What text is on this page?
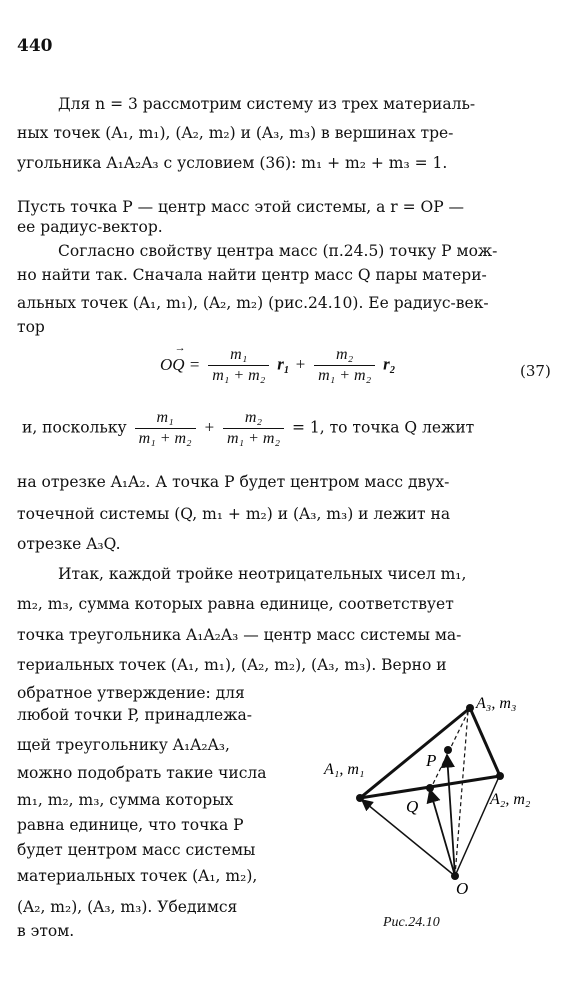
440
Для n = 3 рассмотрим систему из трех материаль-
ных точек (A₁, m₁), (A₂, m₂) и (A₃, m₃) в вершинах тре-
угольника A₁A₂A₃ с условием (36): m₁ + m₂ + m₃ = 1.
Пусть точка P — центр масс этой системы, а r = OP —
ее радиус-вектор.
Согласно свойству центра масс (п.24.5) точку P мож-
но найти так. Сначала найти центр масс Q пары матери-
альных точек (A₁, m₁), (A₂, m₂) (рис.24.10). Ее радиус-век-
тор
→ OQ = $\frac{\text{m₁}}{\text{m₁ + m₂}} r_1 + \frac{\text{m₂}}{\text{m₁ + m₂}} r_2$	(37)
и, поскольку $\frac{\text{m₁}}{\text{m₁ + m₂}} + \frac{\text{m₂}}{\text{m₁ + m₂}} = 1$, то точка Q лежит
на отрезке A₁A₂. А точка P будет центром масс двух-
точечной системы (Q, m₁ + m₂) и (A₃, m₃) и лежит на
отрезке A₃Q.
Итак, каждой тройке неотрицательных чисел m₁,
m₂, m₃, сумма которых равна единице, соответствует
точка треугольника A₁A₂A₃ — центр масс системы ма-
териальных точек (A₁, m₁), (A₂, m₂), (A₃, m₃). Верно и
обратное утверждение: для
любой точки P, принадлежа-
щей треугольнику A₁A₂A₃,
можно подобрать такие числа
m₁, m₂, m₃, сумма которых
равна единице, что точка P
будет центром масс системы
материальных точек (A₁, m₂),
(A₂, m₂), (A₃, m₃). Убедимся
в этом.
A₃, m₃
A₁, m₁
A₂, m₂
P
Q
O
Рис.24.10
